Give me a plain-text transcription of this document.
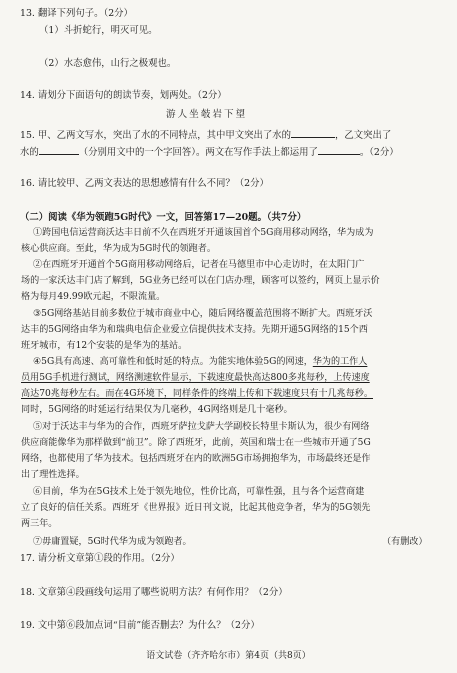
13. 翻译下列句子。（2分）
（1）斗折蛇行，明灭可见。
（2）水态愈伟，山行之极观也。
14. 请划分下面语句的朗读节奏，划两处。（2分）
游人坐攲岩下望
15. 甲、乙两文写水，突出了水的不同特点，其中甲文突出了水的	，乙文突出了
水的	（分别用文中的一个字回答）。两文在写作手法上都运用了	。（2分）
16. 请比较甲、乙两文表达的思想感情有什么不同？（2分）
（二）阅读《华为领跑5G时代》一文，回答第17—20题。（共7分）
①跨国电信运营商沃达丰日前不久在西班牙开通该国首个5G商用移动网络，华为成为
核心供应商。至此，华为成为5G时代的领跑者。
②在西班牙开通首个5G商用移动网络后，记者在马德里市中心走访时，在太阳门广
场的一家沃达丰门店了解到，5G业务已经可以在门店办理，顾客可以签约，网页上显示价
格为每月49.99欧元起，不限流量。
③5G网络基站目前多数位于城市商业中心，随后网络覆盖范围将不断扩大。西班牙沃
达丰的5G网络由华为和瑞典电信企业爱立信提供技术支持。先期开通5G网络的15个西
班牙城市，有12个安装的是华为的基站。
④5G具有高速、高可靠性和低时延的特点。为能实地体验5G的网速，华为的工作人
员用5G手机进行测试，网络测速软件显示，下载速度最快高达800多兆每秒，上传速度
高达70兆每秒左右。而在4G环境下，同样条件的终端上传和下载速度只有十几兆每秒。
同时，5G网络的时延运行结果仅为几毫秒，4G网络则是几十毫秒。
⑤对于沃达丰与华为的合作，西班牙萨拉戈萨大学副校长特里卡斯认为，很少有网络
供应商能像华为那样做到“前卫”。除了西班牙，此前，英国和瑞士在一些城市开通了5G
网络，也都使用了华为技术。包括西班牙在内的欧洲5G市场拥抱华为，市场最终还是作
出了理性选择。
⑥目前，华为在5G技术上处于领先地位，性价比高，可靠性强，且与各个运营商建
立了良好的信任关系。西班牙《世界报》近日刊文说，比起其他竞争者，华为的5G领先
两三年。
⑦毋庸置疑，5G时代华为成为领跑者。	（有删改）
17. 请分析文章第①段的作用。（2分）
18. 文章第④段画线句运用了哪些说明方法？有何作用？（2分）
19. 文中第⑥段加点词“目前”能否删去？为什么？（2分）
语文试卷（齐齐哈尔市）第4页（共8页）
